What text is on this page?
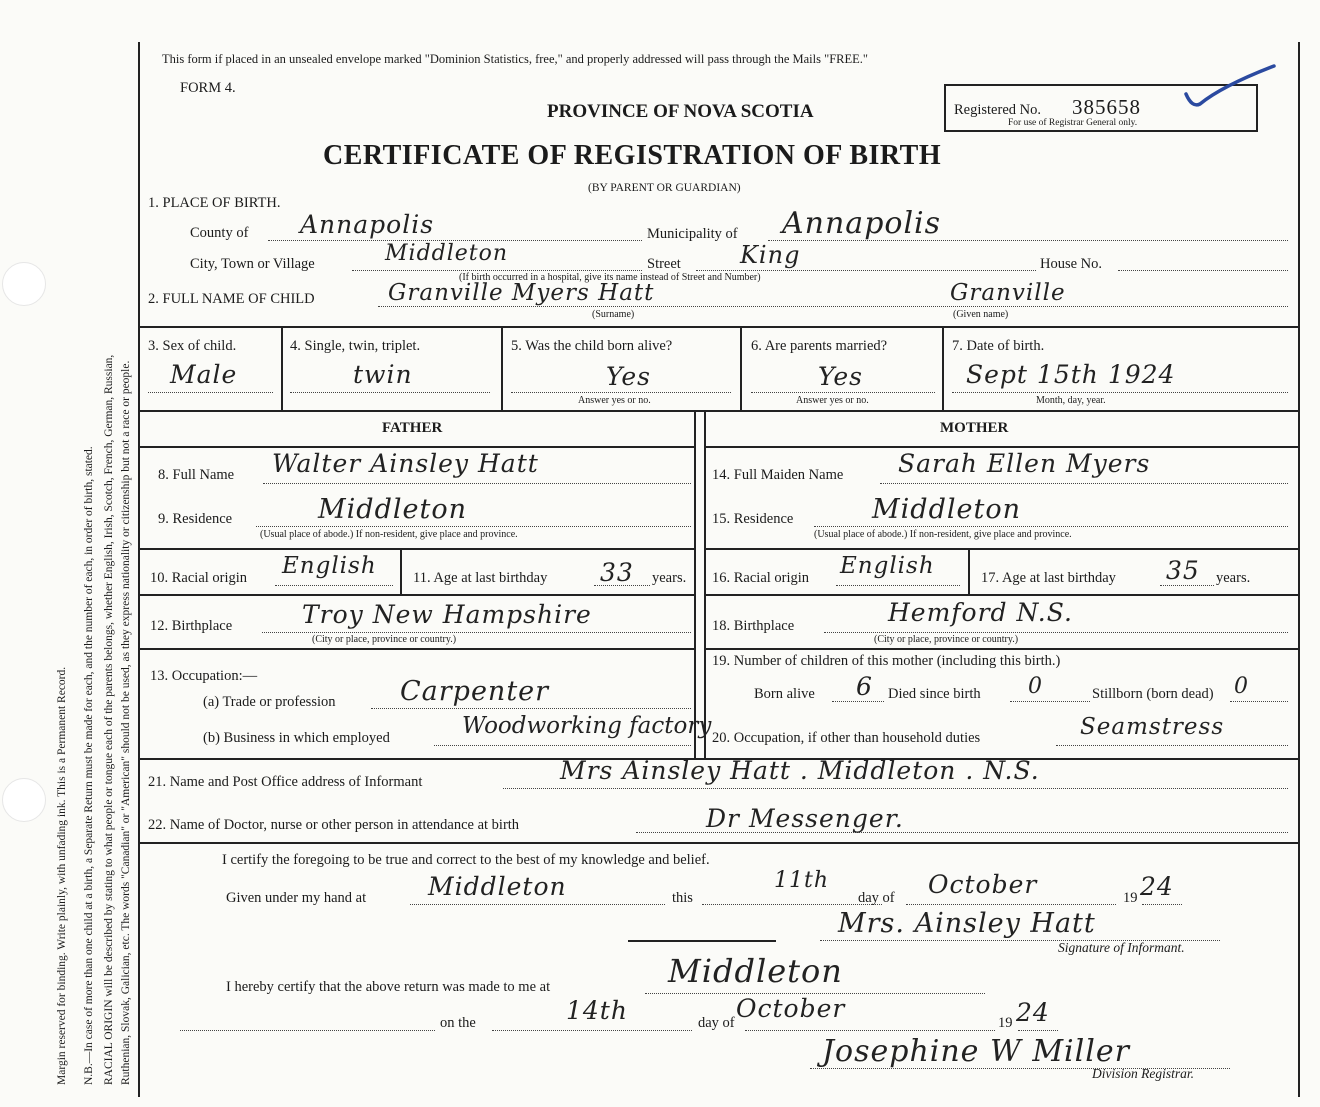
Margin reserved for binding. Write plainly, with unfading ink. This is a Permanent Record. N.B.—In case of more than one child at a birth, a Separate Return must be made for each, and the number of each, in order of birth, stated. RACIAL ORIGIN will be described by stating to what people or tongue each of the parents belongs, whether English, Irish, Scotch, French, German, Russian, Ruthenian, Slovak, Galician, etc. The words "Canadian" or "American" should not be used, as they express nationality or citizenship but not a race or people.
This form if placed in an unsealed envelope marked "Dominion Statistics, free," and properly addressed will pass through the Mails "FREE."
FORM 4.
PROVINCE OF NOVA SCOTIA
CERTIFICATE OF REGISTRATION OF BIRTH
(BY PARENT OR GUARDIAN)
Registered No. 385658
For use of Registrar General only.
1. PLACE OF BIRTH.
County of Annapolis	Municipality of Annapolis
City, Town or Village	Middleton	Street King	House No.
(If birth occurred in a hospital, give its name instead of Street and Number)
2. FULL NAME OF CHILD	Granville Myers Hatt
(Surname)
Granville
(Given name)
3. Sex of child.
Male
4. Single, twin, triplet.
twin
5. Was the child born alive?
Yes
Answer yes or no.
6. Are parents married?
Yes
Answer yes or no.
7. Date of birth.
Sept 15th 1924
Month, day, year.
FATHER	MOTHER
8. Full Name Walter Ainsley Hatt
9. Residence	Middleton
(Usual place of abode.) If non-resident, give place and province.
10. Racial origin English	11. Age at last birthday 33 years.
12. Birthplace	Troy New Hampshire
(City or place, province or country.)
13. Occupation:—
(a) Trade or profession Carpenter
(b) Business in which employed	Woodworking factory
14. Full Maiden Name Sarah Ellen Myers
15. Residence	Middleton
(Usual place of abode.) If non-resident, give place and province.
16. Racial origin English	17. Age at last birthday 35 years.
18. Birthplace	Hemford N.S.
(City or place, province or country.)
19. Number of children of this mother (including this birth.)
Born alive 6 Died since birth 0	Stillborn (born dead) 0
20. Occupation, if other than household duties	Seamstress
21. Name and Post Office address of Informant	Mrs Ainsley Hatt . Middleton . N.S.
22. Name of Doctor, nurse or other person in attendance at birth	Dr Messenger.
I certify the foregoing to be true and correct to the best of my knowledge and belief.
Given under my hand at Middleton	this
11th
day of October	19 24
Mrs. Ainsley Hatt
Signature of Informant.
I hereby certify that the above return was made to me at	Middleton
on the	14th	day of October	19 24
Josephine W Miller
Division Registrar.
